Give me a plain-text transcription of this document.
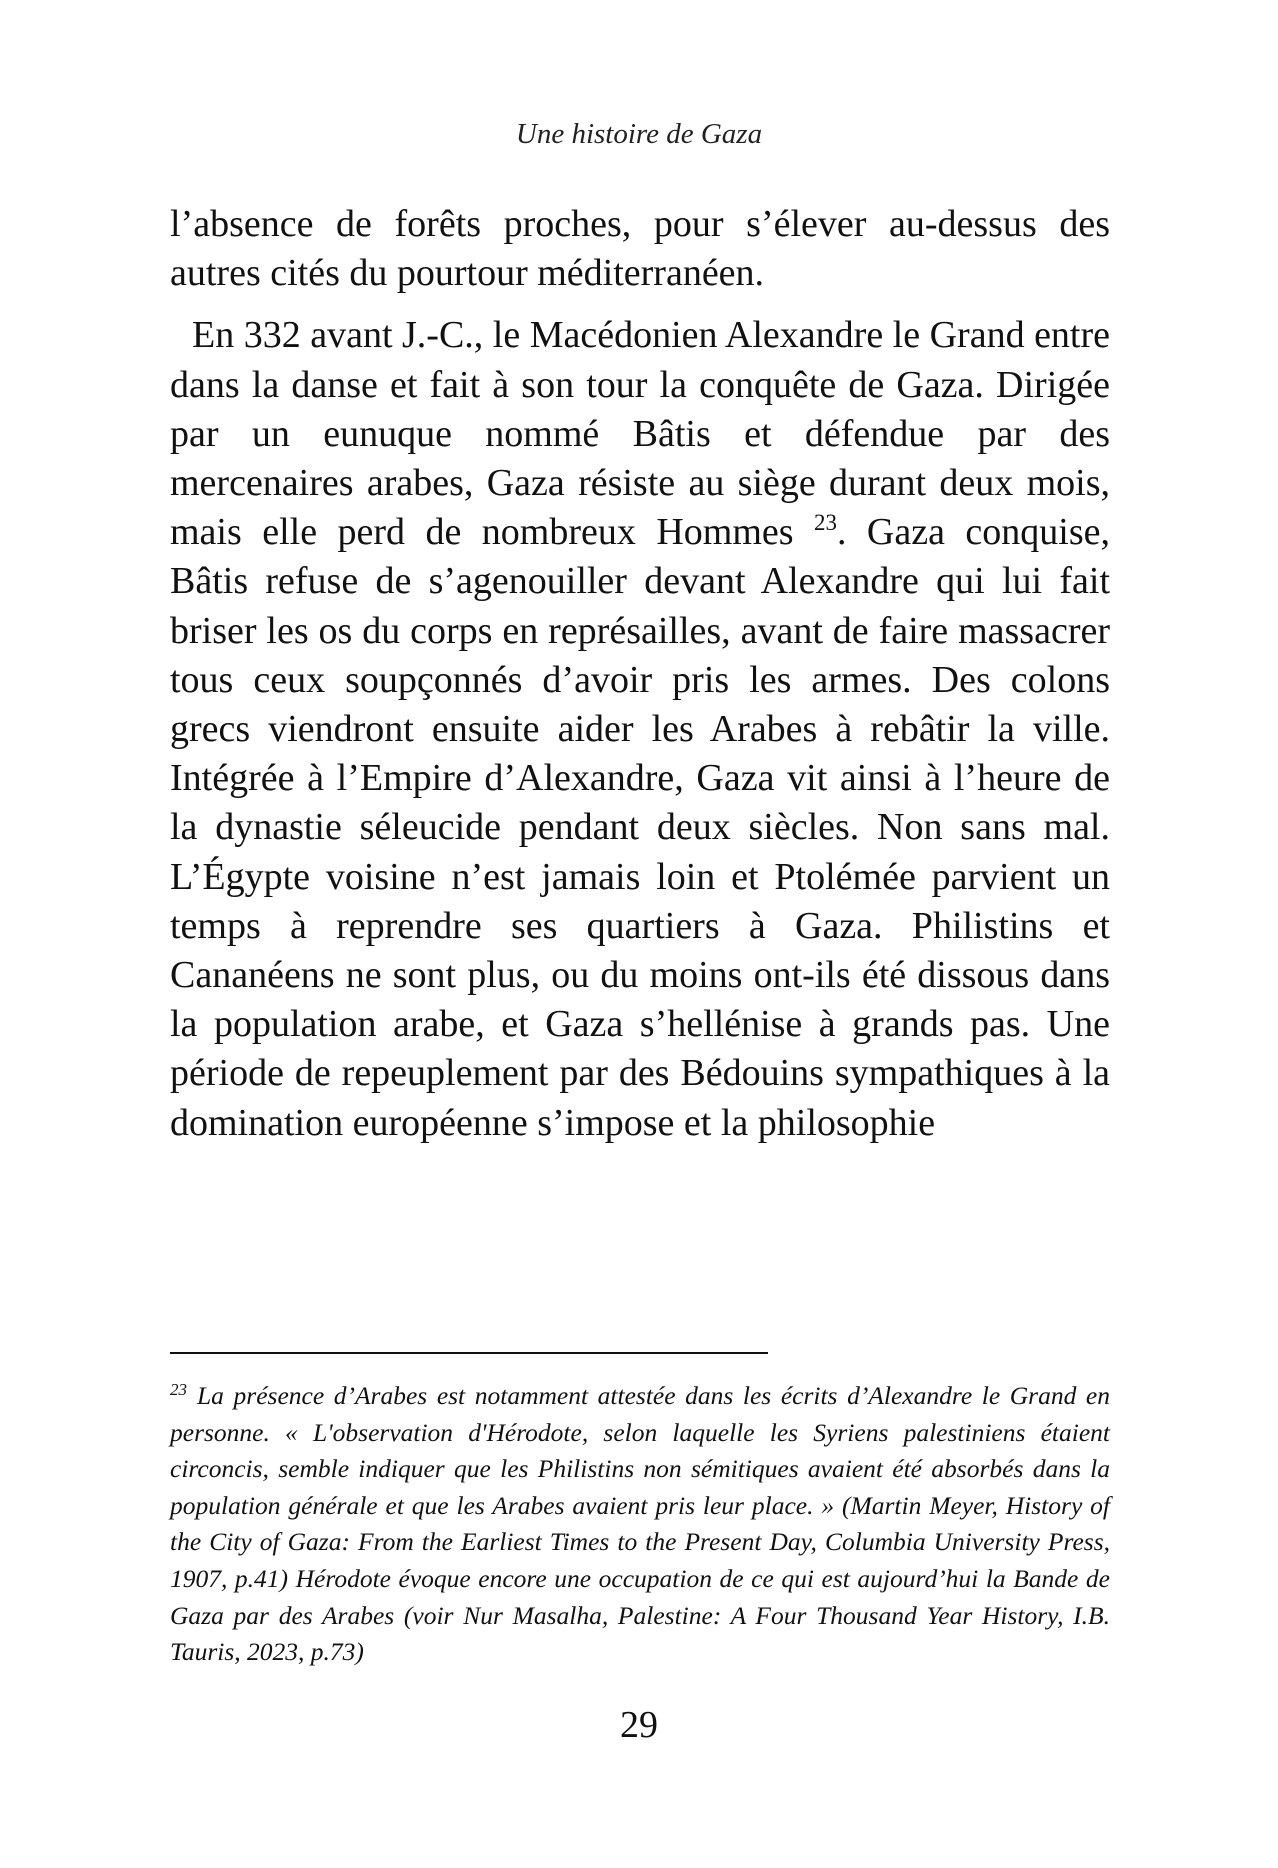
Une histoire de Gaza

l’absence de forêts proches, pour s’élever au-dessus des autres cités du pourtour méditerranéen.

En 332 avant J.-C., le Macédonien Alexandre le Grand entre dans la danse et fait à son tour la conquête de Gaza. Dirigée par un eunuque nommé Bâtis et défendue par des mercenaires arabes, Gaza résiste au siège durant deux mois, mais elle perd de nombreux Hommes $^{23}$. Gaza conquise, Bâtis refuse de s’agenouiller devant Alexandre qui lui fait briser les os du corps en représailles, avant de faire massacrer tous ceux soupçonnés d’avoir pris les armes. Des colons grecs viendront ensuite aider les Arabes à rebâtir la ville. Intégrée à l’Empire d’Alexandre, Gaza vit ainsi à l’heure de la dynastie séleucide pendant deux siècles. Non sans mal. L’Égypte voisine n’est jamais loin et Ptolémée parvient un temps à reprendre ses quartiers à Gaza. Philistins et Cananéens ne sont plus, ou du moins ont-ils été dissous dans la population arabe, et Gaza s’hellénise à grands pas. Une période de repeuplement par des Bédouins sympathiques à la domination européenne s’impose et la philosophie

$^{23}$ La présence d’Arabes est notamment attestée dans les écrits d’Alexandre le Grand en personne. « L'observation d'Hérodote, selon laquelle les Syriens palestiniens étaient circoncis, semble indiquer que les Philistins non sémitiques avaient été absorbés dans la population générale et que les Arabes avaient pris leur place. » (Martin Meyer, History of the City of Gaza: From the Earliest Times to the Present Day, Columbia University Press, 1907, p.41) Hérodote évoque encore une occupation de ce qui est aujourd’hui la Bande de Gaza par des Arabes (voir Nur Masalha, Palestine: A Four Thousand Year History, I.B. Tauris, 2023, p.73)
29
